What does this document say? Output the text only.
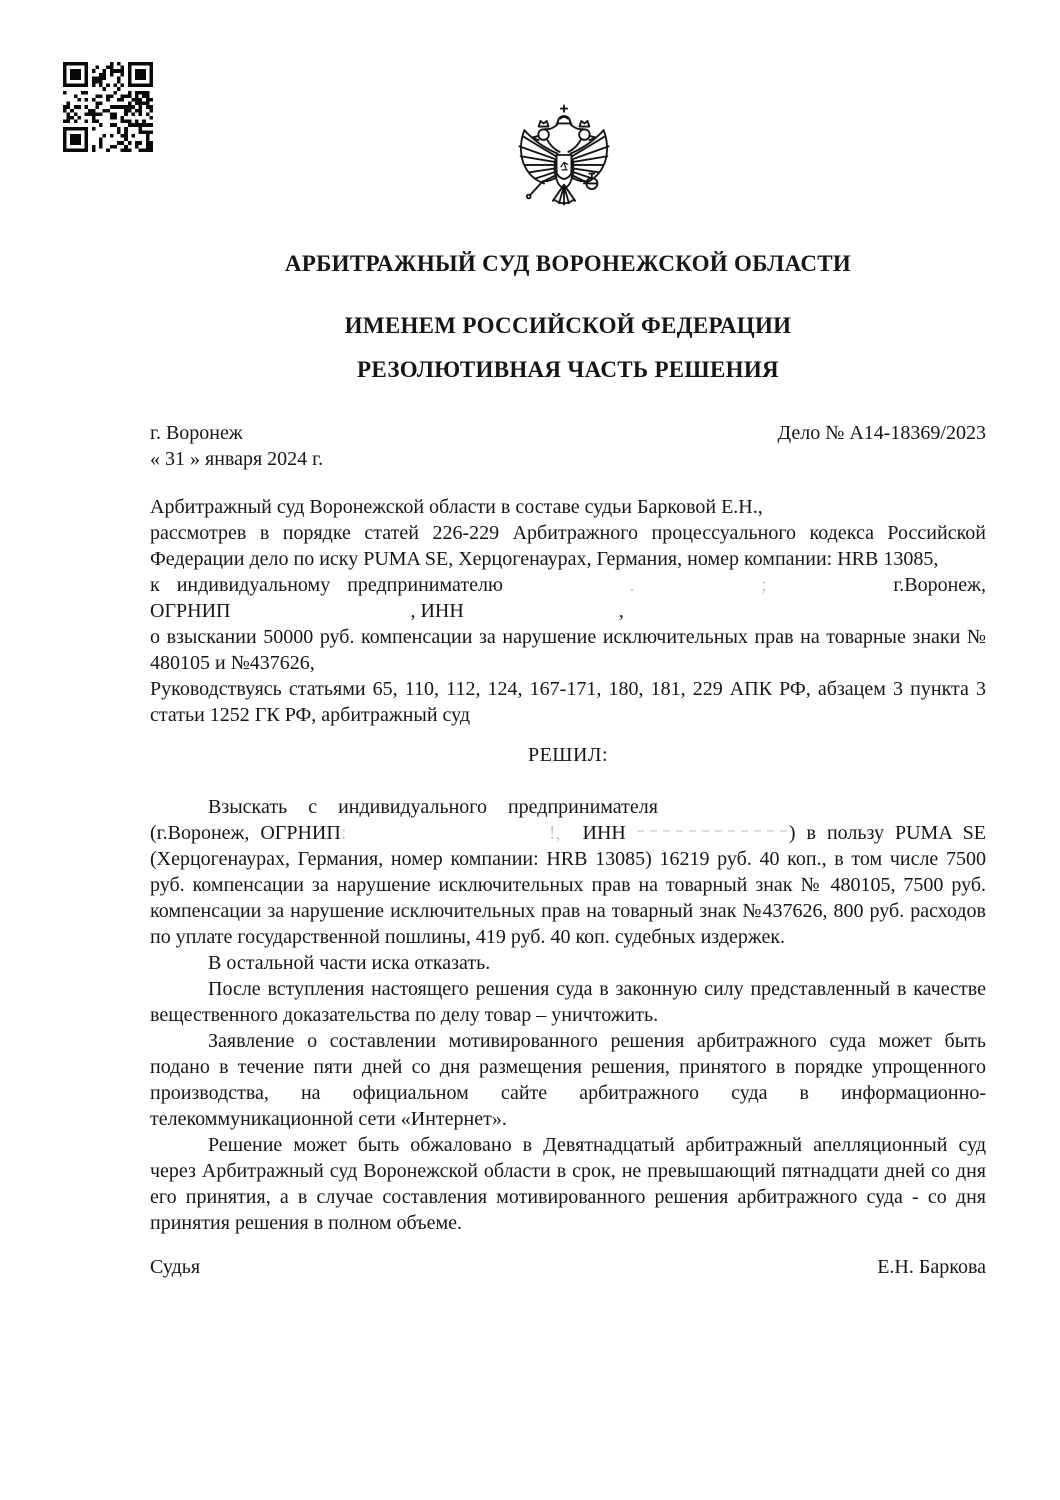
АРБИТРАЖНЫЙ СУД ВОРОНЕЖСКОЙ ОБЛАСТИ
ИМЕНЕМ РОССИЙСКОЙ ФЕДЕРАЦИИ
РЕЗОЛЮТИВНАЯ ЧАСТЬ РЕШЕНИЯ
г. Воронеж	Дело № А14-18369/2023
« 31 » января 2024 г.
Арбитражный суд Воронежской области в составе судьи Барковой Е.Н.,
рассмотрев в порядке статей 226-229 Арбитражного процессуального кодекса Российской Федерации дело по иску PUMA SE, Херцогенаурах, Германия, номер компании: HRB 13085,
к индивидуальному предпринимателю	.	;	г.Воронеж,
ОГРНИП	, ИНН	,
о взыскании 50000 руб. компенсации за нарушение исключительных прав на товарные знаки № 480105 и №437626,
Руководствуясь статьями 65, 110, 112, 124, 167-171, 180, 181, 229 АПК РФ, абзацем 3 пункта 3 статьи 1252 ГК РФ, арбитражный суд
РЕШИЛ:
Взыскать с индивидуального предпринимателя
(г.Воронеж, ОГРНИП:	!, ИНН	) в пользу PUMA SE
(Херцогенаурах, Германия, номер компании: HRB 13085) 16219 руб. 40 коп., в том числе 7500 руб. компенсации за нарушение исключительных прав на товарный знак № 480105, 7500 руб. компенсации за нарушение исключительных прав на товарный знак №437626, 800 руб. расходов по уплате государственной пошлины, 419 руб. 40 коп. судебных издержек.
В остальной части иска отказать.
После вступления настоящего решения суда в законную силу представленный в качестве вещественного доказательства по делу товар – уничтожить.
Заявление о составлении мотивированного решения арбитражного суда может быть подано в течение пяти дней со дня размещения решения, принятого в порядке упрощенного производства, на официальном сайте арбитражного суда в информационно-телекоммуникационной сети «Интернет».
Решение может быть обжаловано в Девятнадцатый арбитражный апелляционный суд через Арбитражный суд Воронежской области в срок, не превышающий пятнадцати дней со дня его принятия, а в случае составления мотивированного решения арбитражного суда - со дня принятия решения в полном объеме.
Судья	Е.Н. Баркова
